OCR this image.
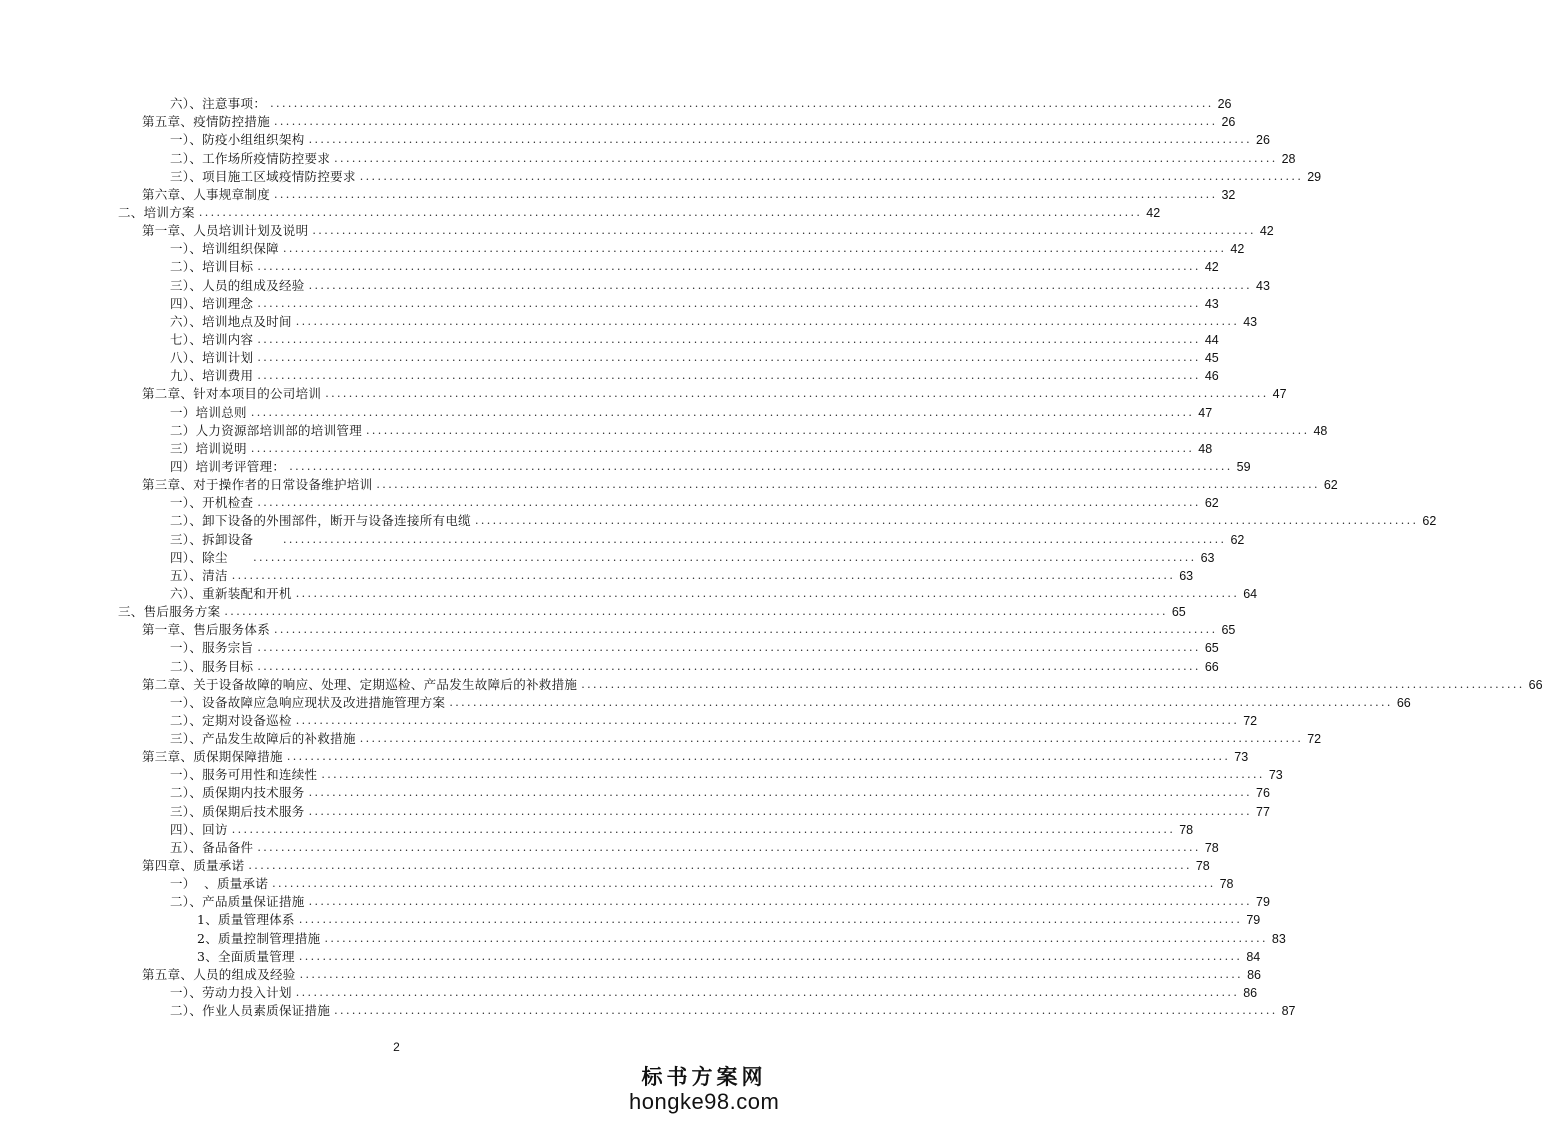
六）、注意事项： ................................................................................................................................................................ 26
第五章、疫情防控措施 ................................................................................................................................................................ 26
一）、防疫小组组织架构 ................................................................................................................................................................ 26
二）、工作场所疫情防控要求 ................................................................................................................................................................ 28
三）、项目施工区域疫情防控要求 ................................................................................................................................................................ 29
第六章、人事规章制度 ................................................................................................................................................................ 32
二、培训方案 ................................................................................................................................................................ 42
第一章、人员培训计划及说明 ................................................................................................................................................................ 42
一）、培训组织保障 ................................................................................................................................................................ 42
二）、培训目标 ................................................................................................................................................................ 42
三）、人员的组成及经验 ................................................................................................................................................................ 43
四）、培训理念 ................................................................................................................................................................ 43
六）、培训地点及时间 ................................................................................................................................................................ 43
七）、培训内容 ................................................................................................................................................................ 44
八）、培训计划 ................................................................................................................................................................ 45
九）、培训费用 ................................................................................................................................................................ 46
第二章、针对本项目的公司培训 ................................................................................................................................................................ 47
一）培训总则 ................................................................................................................................................................ 47
二）人力资源部培训部的培训管理 ................................................................................................................................................................ 48
三）培训说明 ................................................................................................................................................................ 48
四）培训考评管理： ................................................................................................................................................................ 59
第三章、对于操作者的日常设备维护培训 ................................................................................................................................................................ 62
一）、开机检查 ................................................................................................................................................................ 62
二）、卸下设备的外围部件，断开与设备连接所有电缆 ................................................................................................................................................................ 62
三）、拆卸设备 ................................................................................................................................................................ 62
四）、除尘 ................................................................................................................................................................ 63
五）、清洁 ................................................................................................................................................................ 63
六）、重新装配和开机 ................................................................................................................................................................ 64
三、售后服务方案 ................................................................................................................................................................ 65
第一章、售后服务体系 ................................................................................................................................................................ 65
一）、服务宗旨 ................................................................................................................................................................ 65
二）、服务目标 ................................................................................................................................................................ 66
第二章、关于设备故障的响应、处理、定期巡检、产品发生故障后的补救措施 ................................................................................................................................................................ 66
一）、设备故障应急响应现状及改进措施管理方案 ................................................................................................................................................................ 66
二）、定期对设备巡检 ................................................................................................................................................................ 72
三）、产品发生故障后的补救措施 ................................................................................................................................................................ 72
第三章、质保期保障措施 ................................................................................................................................................................ 73
一）、服务可用性和连续性 ................................................................................................................................................................ 73
二）、质保期内技术服务 ................................................................................................................................................................ 76
三）、质保期后技术服务 ................................................................................................................................................................ 77
四）、回访 ................................................................................................................................................................ 78
五）、备品备件 ................................................................................................................................................................ 78
第四章、质量承诺 ................................................................................................................................................................ 78
一）  、质量承诺 ................................................................................................................................................................ 78
二）、产品质量保证措施 ................................................................................................................................................................ 79
1、质量管理体系 ................................................................................................................................................................ 79
2、质量控制管理措施 ................................................................................................................................................................ 83
3、全面质量管理 ................................................................................................................................................................ 84
第五章、人员的组成及经验 ................................................................................................................................................................ 86
一）、劳动力投入计划 ................................................................................................................................................................ 86
二）、作业人员素质保证措施 ................................................................................................................................................................ 87
2
标书方案网
hongke98.com
